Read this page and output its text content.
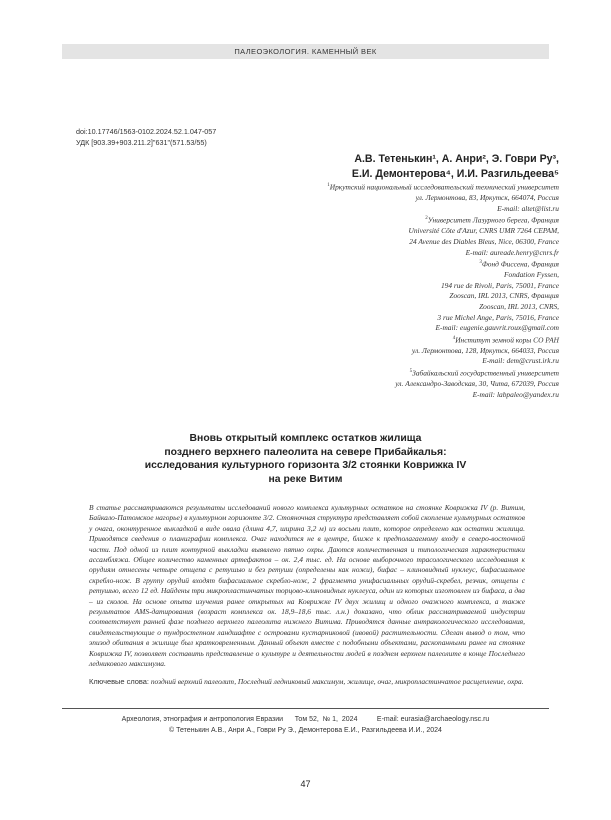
ПАЛЕОЭКОЛОГИЯ. КАМЕННЫЙ ВЕК
doi:10.17746/1563-0102.2024.52.1.047-057
УДК [903.39+903.211.2]"631"(571.53/55)
А.В. Тетенькин¹, А. Анри², Э. Говри Ру³,
Е.И. Демонтерова⁴, И.И. Разгильдеева⁵
$^1$Иркутский национальный исследовательский технический университет
ул. Лермонтова, 83, Иркутск, 664074, Россия
E-mail: altet@list.ru
$^2$Университет Лазурного берега, Франция
Université Côte d'Azur, CNRS UMR 7264 CEPAM,
24 Avenue des Diables Bleus, Nice, 06300, France
E-mail: aureade.henry@cnrs.fr
$^3$Фонд Фиссена, Франция
Fondation Fyssen,
194 rue de Rivoli, Paris, 75001, France
Zooscan, IRL 2013, CNRS, Франция
Zooscan, IRL 2013, CNRS,
3 rue Michel Ange, Paris, 75016, France
E-mail: eugenie.gauvrit.roux@gmail.com
$^4$Институт земной коры СО РАН
ул. Лермонтова, 128, Иркутск, 664033, Россия
E-mail: dem@crust.irk.ru
$^5$Забайкальский государственный университет
ул. Александро-Заводская, 30, Чита, 672039, Россия
E-mail: labpaleo@yandex.ru
Вновь открытый комплекс остатков жилища
позднего верхнего палеолита на севере Прибайкалья:
исследования культурного горизонта 3/2 стоянки Коврижка IV
на реке Витим
В статье рассматриваются результаты исследований нового комплекса культурных остатков на стоянке Коврижка IV (р. Витим, Байкало-Патомское нагорье) в культурном горизонте 3/2. Стояночная структура представляет собой скопление культурных остатков у очага, оконтуренное выкладкой в виде овала (длина 4,7, ширина 3,2 м) из восьми плит, которое определено как остатки жилища. Приводятся сведения о планиграфии комплекса. Очаг находится не в центре, ближе к предполагаемому входу в северо-восточной части. Под одной из плит контурной выкладки выявлено пятно охры. Даются количественная и типологическая характеристики ассамбляжа. Общее количество каменных артефактов – ок. 2,4 тыс. ед. На основе выборочного трасологического исследования к орудиям отнесены четыре отщепа с ретушью и без ретуши (определены как ножи), бифас – клиновидный нуклеус, бифасиальное скребло-нож. В группу орудий входят бифасиальное скребло-нож, 2 фрагмента унифасиальных орудий-скребел, резчик, отщепы с ретушью, всего 12 ед. Найдены три микропластинчатых торцово-клиновидных нуклеуса, один из которых изготовлен из бифаса, а два – из сколов. На основе опыта изучения ранее открытых на Коврижке IV двух жилищ и одного очажного комплекса, а также результатов AMS-датирования (возраст комплекса ок. 18,9–18,6 тыс. л.н.) доказано, что облик рассматриваемой индустрии соответствует ранней фазе позднего верхнего палеолита нижнего Витима. Приводятся данные антракологического исследования, свидетельствующие о тундростепном ландшафте с островами кустарниковой (ивовой) растительности. Сделан вывод о том, что эпизод обитания в жилище был кратковременным. Данный объект вместе с подобными объектами, раскопанными ранее на стоянке Коврижка IV, позволяет составить представление о культуре и деятельности людей в позднем верхнем палеолите в конце Последнего ледникового максимума.
Ключевые слова: поздний верхний палеолит, Последний ледниковый максимум, жилище, очаг, микропластинчатое расщепление, охра.
Археология, этнография и антропология Евразии      Том 52,  № 1,  2024          E-mail: eurasia@archaeology.nsc.ru
© Тетенькин А.В., Анри А., Говри Ру Э., Демонтерова Е.И., Разгильдеева И.И., 2024
47
